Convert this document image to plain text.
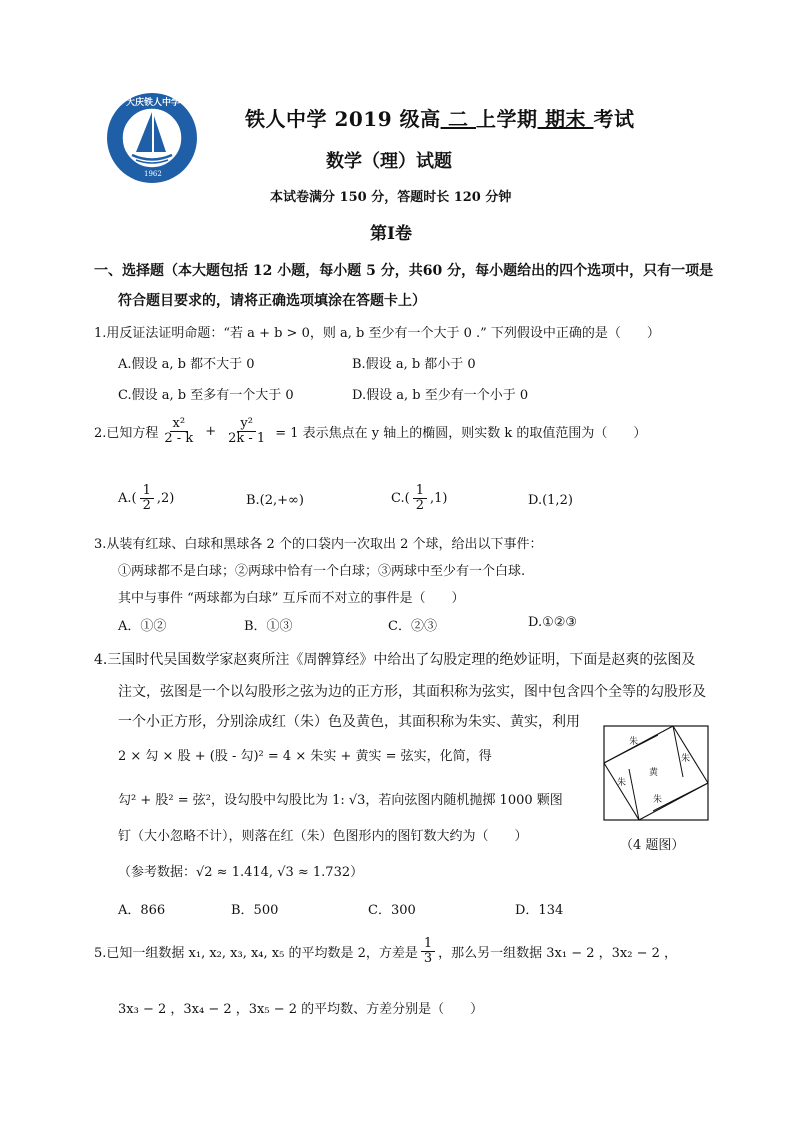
大庆铁人中学
1962
铁人中学 2019 级高 二 上学期 期末 考试
数学（理）试题
本试卷满分 150 分，答题时长 120 分钟
第Ⅰ卷
一、选择题（本大题包括 12 小题，每小题 5 分，共60 分，每小题给出的四个选项中，只有一项是
符合题目要求的，请将正确选项填涂在答题卡上）
1.用反证法证明命题：“若 a + b > 0，则 a, b 至少有一个大于 0 .” 下列假设中正确的是（　　）
A.假设 a, b 都不大于 0	B.假设 a, b 都小于 0
C.假设 a, b 至多有一个大于 0	D.假设 a, b 至少有一个小于 0
2.已知方程 $\frac{\text{x²}}{2 - k} + \frac{\text{y²}}{2k - 1} = 1$ 表示焦点在 y 轴上的椭圆，则实数 k 的取值范围为（　　）
$A.( \frac{1}{2} ,2)$	B.(2,+∞)	$C.( \frac{1}{2} ,1)$	D.(1,2)
3.从装有红球、白球和黑球各 2 个的口袋内一次取出 2 个球，给出以下事件：
①两球都不是白球；②两球中恰有一个白球；③两球中至少有一个白球.
其中与事件 “两球都为白球” 互斥而不对立的事件是（　　）
A．①②	B．①③	C．②③	D.①②③
4.三国时代吴国数学家赵爽所注《周髀算经》中给出了勾股定理的绝妙证明，下面是赵爽的弦图及
注文，弦图是一个以勾股形之弦为边的正方形，其面积称为弦实，图中包含四个全等的勾股形及
一个小正方形，分别涂成红（朱）色及黄色，其面积称为朱实、黄实，利用
2 × 勾 × 股 + (股 - 勾)² = 4 × 朱实 + 黄实 = 弦实，化简，得
勾² + 股² = 弦²，设勾股中勾股比为 1: √3，若向弦图内随机抛掷 1000 颗图
钉（大小忽略不计），则落在红（朱）色图形内的图钉数大约为（　　）
（参考数据：√2 ≈ 1.414, √3 ≈ 1.732）
A．866	B．500	C．300	D．134
朱
朱
朱
朱
黄
（4 题图）
5.已知一组数据 x₁, x₂, x₃, x₄, x₅ 的平均数是 2，方差是 $\frac{1}{3}$ ，那么另一组数据 3x₁ − 2 ，3x₂ − 2 ，
3x₃ − 2 ，3x₄ − 2 ，3x₅ − 2 的平均数、方差分别是（　　）
